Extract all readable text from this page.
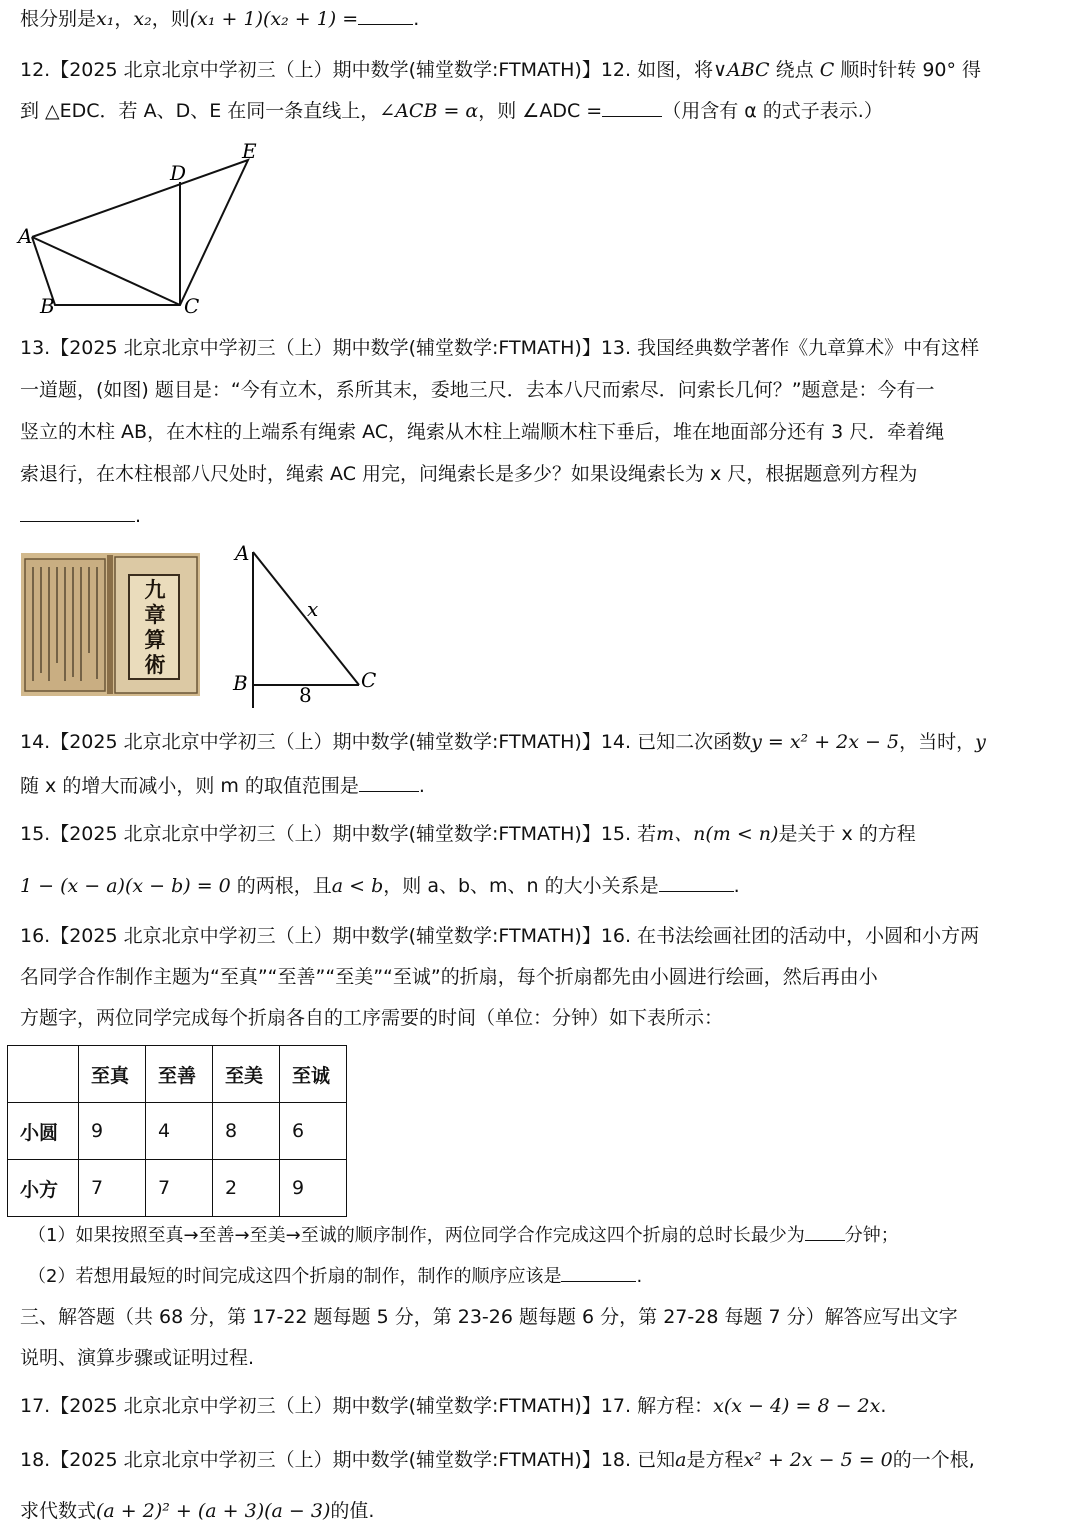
根分别是x₁，x₂，则(x₁ + 1)(x₂ + 1) =	.
12.【2025 北京北京中学初三（上）期中数学(辅堂数学:FTMATH)】12. 如图，将∨ABC 绕点 C 顺时针转 90° 得
到 △EDC．若 A、D、E 在同一条直线上，∠ACB = α，则 ∠ADC =	（用含有 α 的式子表示.）
A
B	C
D
E
13.【2025 北京北京中学初三（上）期中数学(辅堂数学:FTMATH)】13. 我国经典数学著作《九章算术》中有这样
一道题，(如图) 题目是：“今有立木，系所其末，委地三尺．去本八尺而索尽．问索长几何？”题意是：今有一
竖立的木柱 AB，在木柱的上端系有绳索 AC，绳索从木柱上端顺木柱下垂后，堆在地面部分还有 3 尺．牵着绳
索退行，在木柱根部八尺处时，绳索 AC 用完，问绳索长是多少？如果设绳索长为 x 尺，根据题意列方程为
.
九
章
算
術
A
B	C
x
8
14.【2025 北京北京中学初三（上）期中数学(辅堂数学:FTMATH)】14. 已知二次函数y = x² + 2x − 5，当时，y
随 x 的增大而减小，则 m 的取值范围是	.
15.【2025 北京北京中学初三（上）期中数学(辅堂数学:FTMATH)】15. 若m、n(m < n)是关于 x 的方程
1 − (x − a)(x − b) = 0 的两根，且a < b，则 a、b、m、n 的大小关系是	.
16.【2025 北京北京中学初三（上）期中数学(辅堂数学:FTMATH)】16. 在书法绘画社团的活动中，小圆和小方两
名同学合作制作主题为“至真”“至善”“至美”“至诚”的折扇，每个折扇都先由小圆进行绘画，然后再由小
方题字，两位同学完成每个折扇各自的工序需要的时间（单位：分钟）如下表所示：
	至真	至善	至美	至诚
小圆	9	4	8	6
小方	7	7	2	9
（1）如果按照至真→至善→至美→至诚的顺序制作，两位同学合作完成这四个折扇的总时长最少为 分钟；
（2）若想用最短的时间完成这四个折扇的制作，制作的顺序应该是	.
三、解答题（共 68 分，第 17-22 题每题 5 分，第 23-26 题每题 6 分，第 27-28 每题 7 分）解答应写出文字
说明、演算步骤或证明过程.
17.【2025 北京北京中学初三（上）期中数学(辅堂数学:FTMATH)】17. 解方程：x(x − 4) = 8 − 2x.
18.【2025 北京北京中学初三（上）期中数学(辅堂数学:FTMATH)】18. 已知a是方程x² + 2x − 5 = 0的一个根,
求代数式(a + 2)² + (a + 3)(a − 3)的值.
